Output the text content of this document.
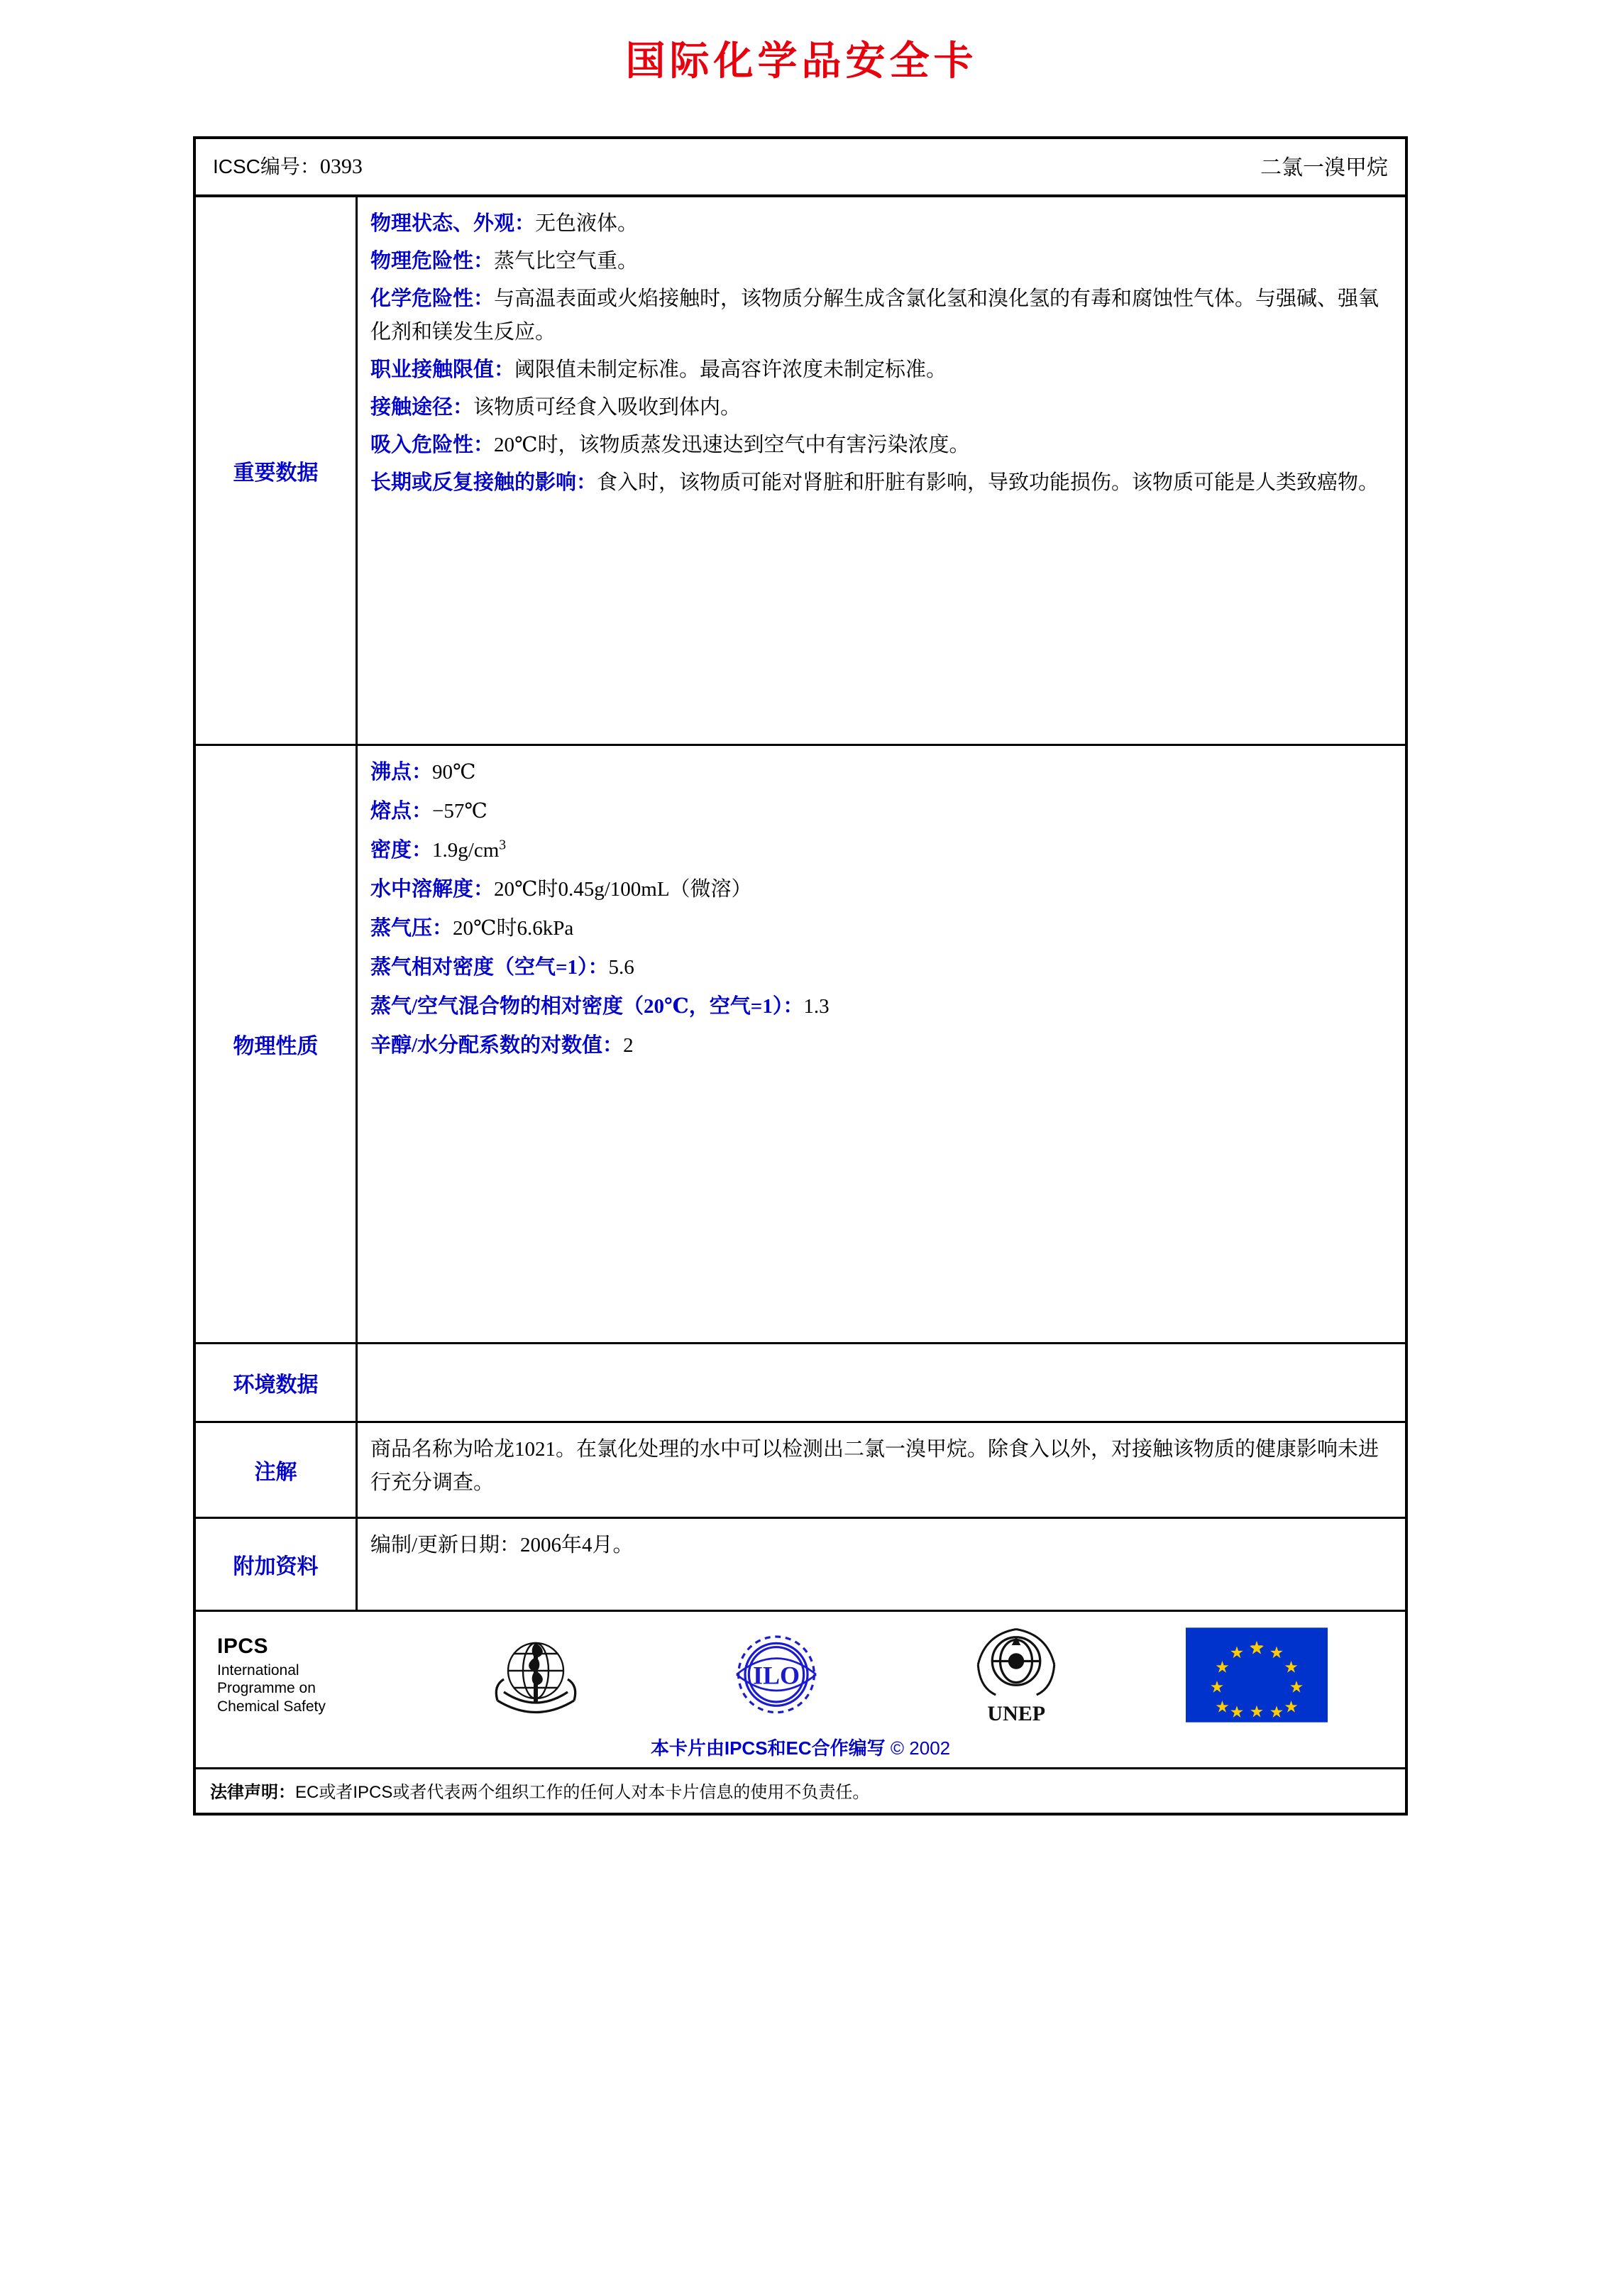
国际化学品安全卡
ICSC编号：0393	二氯一溴甲烷
重要数据

物理状态、外观：无色液体。

物理危险性：蒸气比空气重。

化学危险性：与高温表面或火焰接触时，该物质分解生成含氯化氢和溴化氢的有毒和腐蚀性气体。与强碱、强氧化剂和镁发生反应。

职业接触限值：阈限值未制定标准。最高容许浓度未制定标准。

接触途径：该物质可经食入吸收到体内。

吸入危险性：20℃时，该物质蒸发迅速达到空气中有害污染浓度。

长期或反复接触的影响：食入时，该物质可能对肾脏和肝脏有影响，导致功能损伤。该物质可能是人类致癌物。

物理性质

沸点：90℃

熔点：−57℃

密度：$1.9g/cm^3$

水中溶解度：20℃时0.45g/100mL（微溶）

蒸气压：20℃时6.6kPa

蒸气相对密度（空气=1）：5.6

蒸气/空气混合物的相对密度（20℃，空气=1）：1.3

辛醇/水分配系数的对数值：2

环境数据
注解
商品名称为哈龙1021。在氯化处理的水中可以检测出二氯一溴甲烷。除食入以外，对接触该物质的健康影响未进行充分调查。
附加资料
编制/更新日期：2006年4月。
IPCS
International
Programme on
Chemical Safety
ILO
UNEP
本卡片由IPCS和EC合作编写 © 2002
法律声明：EC或者IPCS或者代表两个组织工作的任何人对本卡片信息的使用不负责任。
